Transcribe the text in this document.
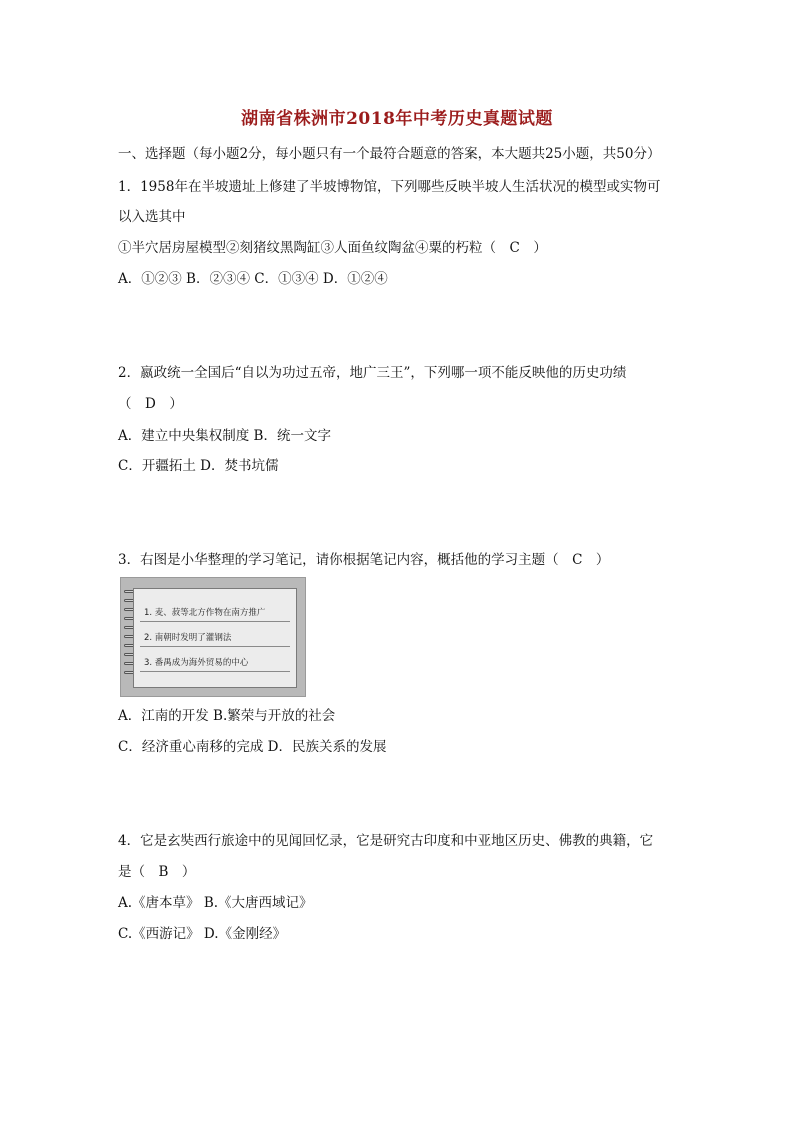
湖南省株洲市2018年中考历史真题试题
一、选择题（每小题2分，每小题只有一个最符合题意的答案，本大题共25小题，共50分）
1．1958年在半坡遗址上修建了半坡博物馆，下列哪些反映半坡人生活状况的模型或实物可
以入选其中
①半穴居房屋模型②刻猪纹黑陶缸③人面鱼纹陶盆④粟的朽粒（　C　）
A．①②③ B．②③④ C．①③④ D．①②④
2．嬴政统一全国后“自以为功过五帝，地广三王”，下列哪一项不能反映他的历史功绩
（　D　）
A．建立中央集权制度 B．统一文字
C．开疆拓土 D．焚书坑儒
3．右图是小华整理的学习笔记，请你根据笔记内容，概括他的学习主题（　C　）
1. 麦、菽等北方作物在南方推广
2. 南朝时发明了灌钢法
3. 番禺成为海外贸易的中心
A．江南的开发 B.繁荣与开放的社会
C．经济重心南移的完成 D．民族关系的发展
4．它是玄奘西行旅途中的见闻回忆录，它是研究古印度和中亚地区历史、佛教的典籍，它
是（　B　）
A.《唐本草》 B.《大唐西域记》
C.《西游记》 D.《金刚经》
